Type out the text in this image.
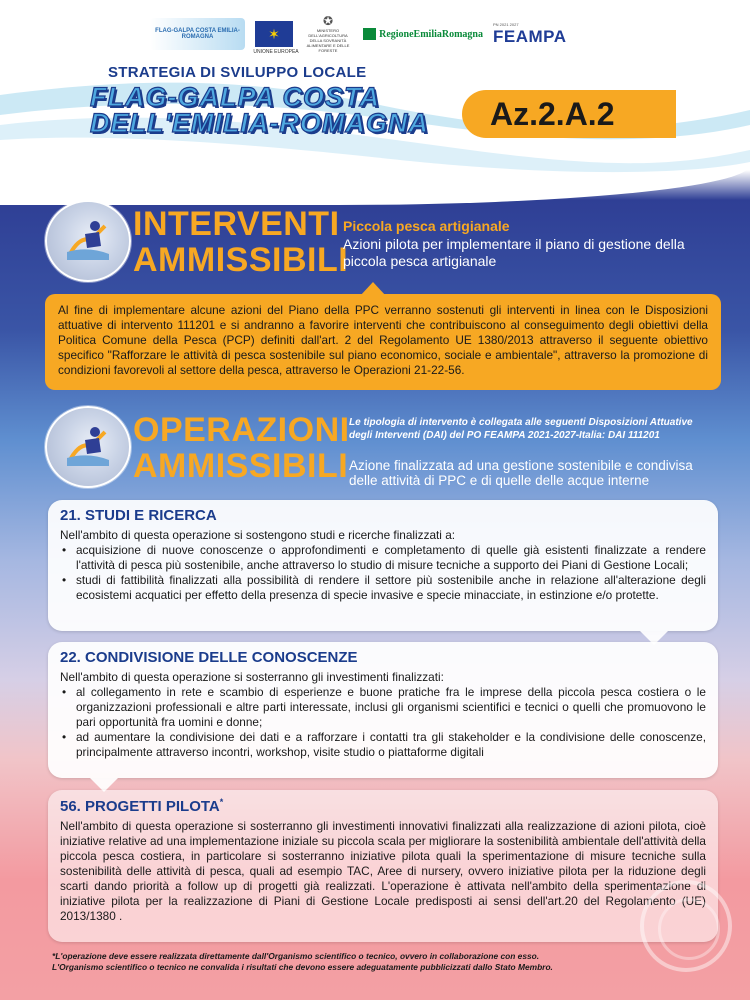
FLAG-GALPA COSTA EMILIA-ROMAGNA	✶
UNIONE EUROPEA
✪
MINISTERO DELL'AGRICOLTURA DELLA SOVRANITÀ ALIMENTARE E DELLE FORESTE
RegioneEmiliaRomagna
PN 2021 2027
FEAMPA
STRATEGIA DI SVILUPPO LOCALE
FLAG-GALPA COSTA
DELL'EMILIA-ROMAGNA Az.2.A.2
INTERVENTI
AMMISSIBILI
Piccola pesca artigianale
Azioni pilota per implementare il piano di gestione della piccola pesca artigianale

Al fine di implementare alcune azioni del Piano della PPC verranno sostenuti gli interventi in linea con le Disposizioni attuative di intervento 111201 e si andranno a favorire interventi che contribuiscono al conseguimento degli obiettivi della Politica Comune della Pesca (PCP) definiti dall'art. 2 del Regolamento UE 1380/2013 attraverso il seguente obiettivo specifico "Rafforzare le attività di pesca sostenibile sul piano economico, sociale e ambientale", attraverso la promozione di condizioni favorevoli al settore della pesca, attraverso le Operazioni 21-22-56.

OPERAZIONI
AMMISSIBILI
Le tipologia di intervento è collegata alle seguenti Disposizioni Attuative degli Interventi (DAI) del PO FEAMPA 2021-2027-Italia: DAI 111201
Azione finalizzata ad una gestione sostenibile e condivisa delle attività di PPC e di quelle delle acque interne
21. STUDI E RICERCA

Nell'ambito di questa operazione si sostengono studi e ricerche finalizzati a:

• acquisizione di nuove conoscenze o approfondimenti e completamento di quelle già esistenti finalizzate a rendere l'attività di pesca più sostenibile, anche attraverso lo studio di misure tecniche a supporto dei Piani di Gestione Locali;
• studi di fattibilità finalizzati alla possibilità di rendere il settore più sostenibile anche in relazione all'alterazione degli ecosistemi acquatici per effetto della presenza di specie invasive e specie minacciate, in estinzione e/o protette.
22. CONDIVISIONE DELLE CONOSCENZE

Nell'ambito di questa operazione si sosterranno gli investimenti finalizzati:

• al collegamento in rete e scambio di esperienze e buone pratiche fra le imprese della piccola pesca costiera o le organizzazioni professionali e altre parti interessate, inclusi gli organismi scientifici e tecnici o quelli che promuovono le pari opportunità fra uomini e donne;
• ad aumentare la condivisione dei dati e a rafforzare i contatti tra gli stakeholder e la condivisione delle conoscenze, principalmente attraverso incontri, workshop, visite studio o piattaforme digitali
56. PROGETTI PILOTA*

Nell'ambito di questa operazione si sosterranno gli investimenti innovativi finalizzati alla realizzazione di azioni pilota, cioè iniziative relative ad una implementazione iniziale su piccola scala per migliorare la sostenibilità ambientale dell'attività della piccola pesca costiera, in particolare si sosterranno iniziative pilota quali la sperimentazione di misure tecniche sulla sostenibilità delle attività di pesca, quali ad esempio TAC, Aree di nursery, ovvero iniziative pilota per la riduzione degli scarti dando priorità a follow up di progetti già realizzati. L'operazione è attivata nell'ambito della sperimentazione di iniziative pilota per la realizzazione di Piani di Gestione Locale predisposti ai sensi dell'art.20 del Regolamento (UE) 2013/1380 .

*L'operazione deve essere realizzata direttamente dall'Organismo scientifico o tecnico, ovvero in collaborazione con esso.
L'Organismo scientifico o tecnico ne convalida i risultati che devono essere adeguatamente pubblicizzati dallo Stato Membro.
